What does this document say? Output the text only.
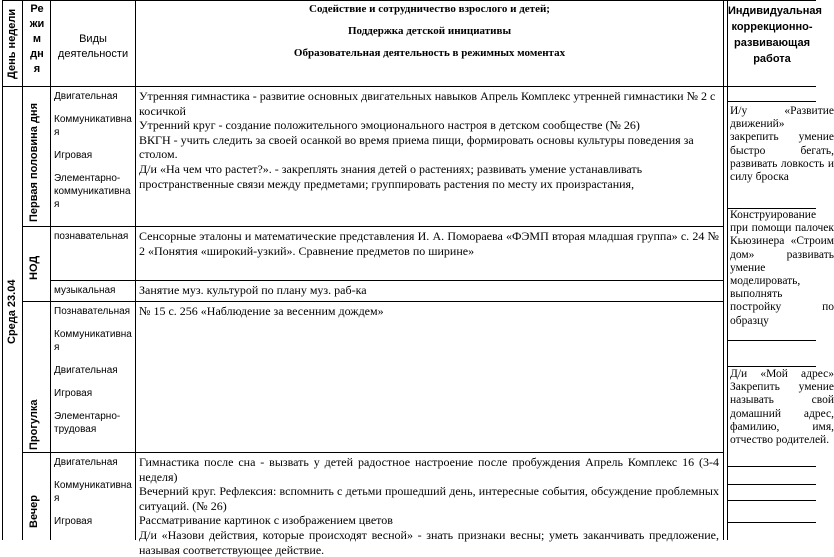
День недели	Ре
жи
м
дн
я
Виды
деятельности
Содействие и сотрудничество взрослого и детей;
Поддержка детской инициативы
Образовательная деятельность в режимных моментах
Индивидуальная
коррекционно-
развивающая
работа
Среда 23.04
Первая половина дня
Двигательная
Коммуникативна
я
Игровая
Элементарно-
коммуникативна
я
Утренняя гимнастика - развитие основных двигательных навыков Апрель Комплекс утренней гимнастики № 2 с косичкой
Утренний круг - создание положительного эмоционального настроя в детском сообществе (№ 26)
ВКГН - учить следить за своей осанкой во время приема пищи, формировать основы культуры поведения за столом.
Д/и «На чем что растет?». - закреплять знания детей о растениях; развивать умение устанавливать пространственные связи между предметами; группировать растения по месту их произрастания,
НОД
познавательная Сенсорные эталоны и математические представления И. А. Помораева «ФЭМП вторая младшая группа» с. 24 № 2 «Понятия «широкий-узкий». Сравнение предметов по ширине»
музыкальная	Занятие муз. культурой по плану муз. раб-ка
Прогулка
Познавательная
Коммуникативна
я
Двигательная
Игровая
Элементарно-
трудовая
№ 15 с. 256 «Наблюдение за весенним дождем»
Вечер
Двигательная
Коммуникативна
я
Игровая
Гимнастика после сна - вызвать у детей радостное настроение после пробуждения Апрель Комплекс 16 (3-4 неделя)
Вечерний круг. Рефлексия: вспомнить с детьми прошедший день, интересные события, обсуждение проблемных ситуаций. (№ 26)
Рассматривание картинок с изображением цветов
Д/и «Назови действия, которые происходят весной» - знать признаки весны; уметь заканчивать предложение, называя соответствующее действие.
И/у «Развитие движений» закрепить умение быстро бегать, развивать ловкость и силу броска
Конструирование при помощи палочек Кьюзинера «Строим дом» развивать умение моделировать, выполнять постройку по образцу
Д/и «Мой адрес» Закрепить умение называть свой домашний адрес, фамилию, имя, отчество родителей.
